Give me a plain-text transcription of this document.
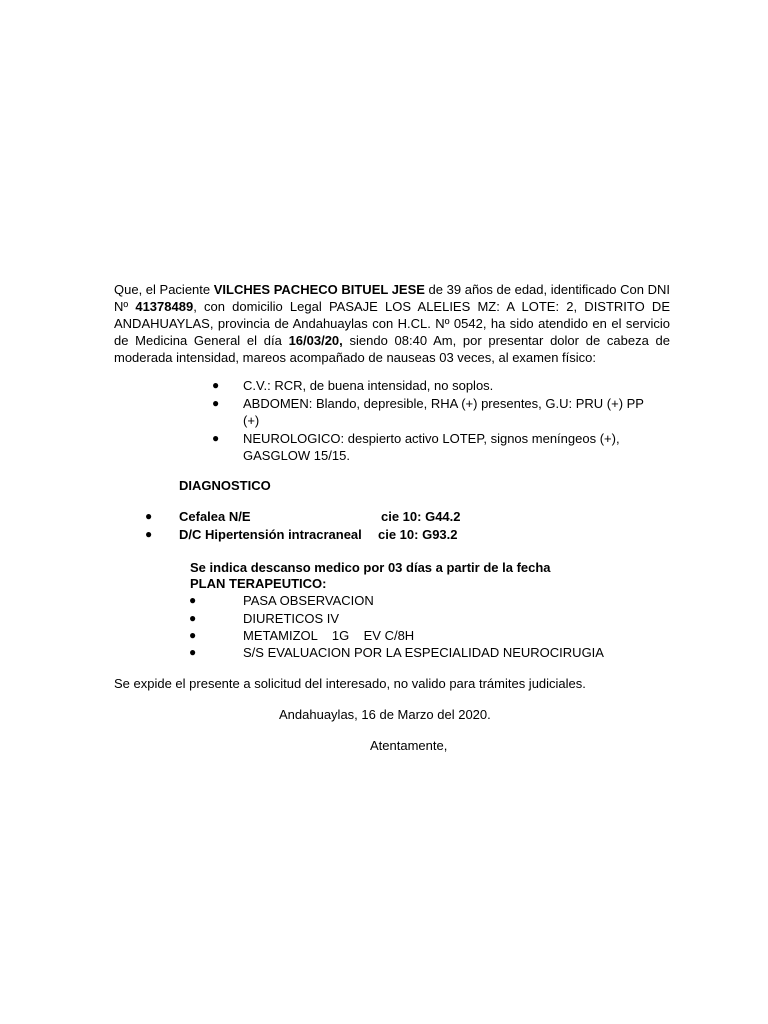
Que, el Paciente VILCHES PACHECO BITUEL JESE de 39 años de edad, identificado Con DNI Nº 41378489, con domicilio Legal PASAJE LOS ALELIES MZ: A LOTE: 2, DISTRITO DE ANDAHUAYLAS, provincia de Andahuaylas con H.CL. Nº 0542, ha sido atendido en el servicio de Medicina General el día 16/03/20, siendo 08:40 Am, por presentar dolor de cabeza de moderada intensidad, mareos acompañado de nauseas 03 veces, al examen físico:

● C.V.: RCR, de buena intensidad, no soplos.
● ABDOMEN: Blando, depresible, RHA (+) presentes, G.U: PRU (+) PP
(+)
● NEUROLOGICO: despierto activo LOTEP, signos meníngeos (+),
GASGLOW 15/15.
DIAGNOSTICO
● Cefalea N/E	cie 10: G44.2
● D/C Hipertensión intracraneal cie 10: G93.2
Se indica descanso medico por 03 días a partir de la fecha
PLAN TERAPEUTICO:
●	PASA OBSERVACION
●	DIURETICOS IV
●	METAMIZOL    1G    EV C/8H
●	S/S EVALUACION POR LA ESPECIALIDAD NEUROCIRUGIA
Se expide el presente a solicitud del interesado, no valido para trámites judiciales.
Andahuaylas, 16 de Marzo del 2020.
Atentamente,
